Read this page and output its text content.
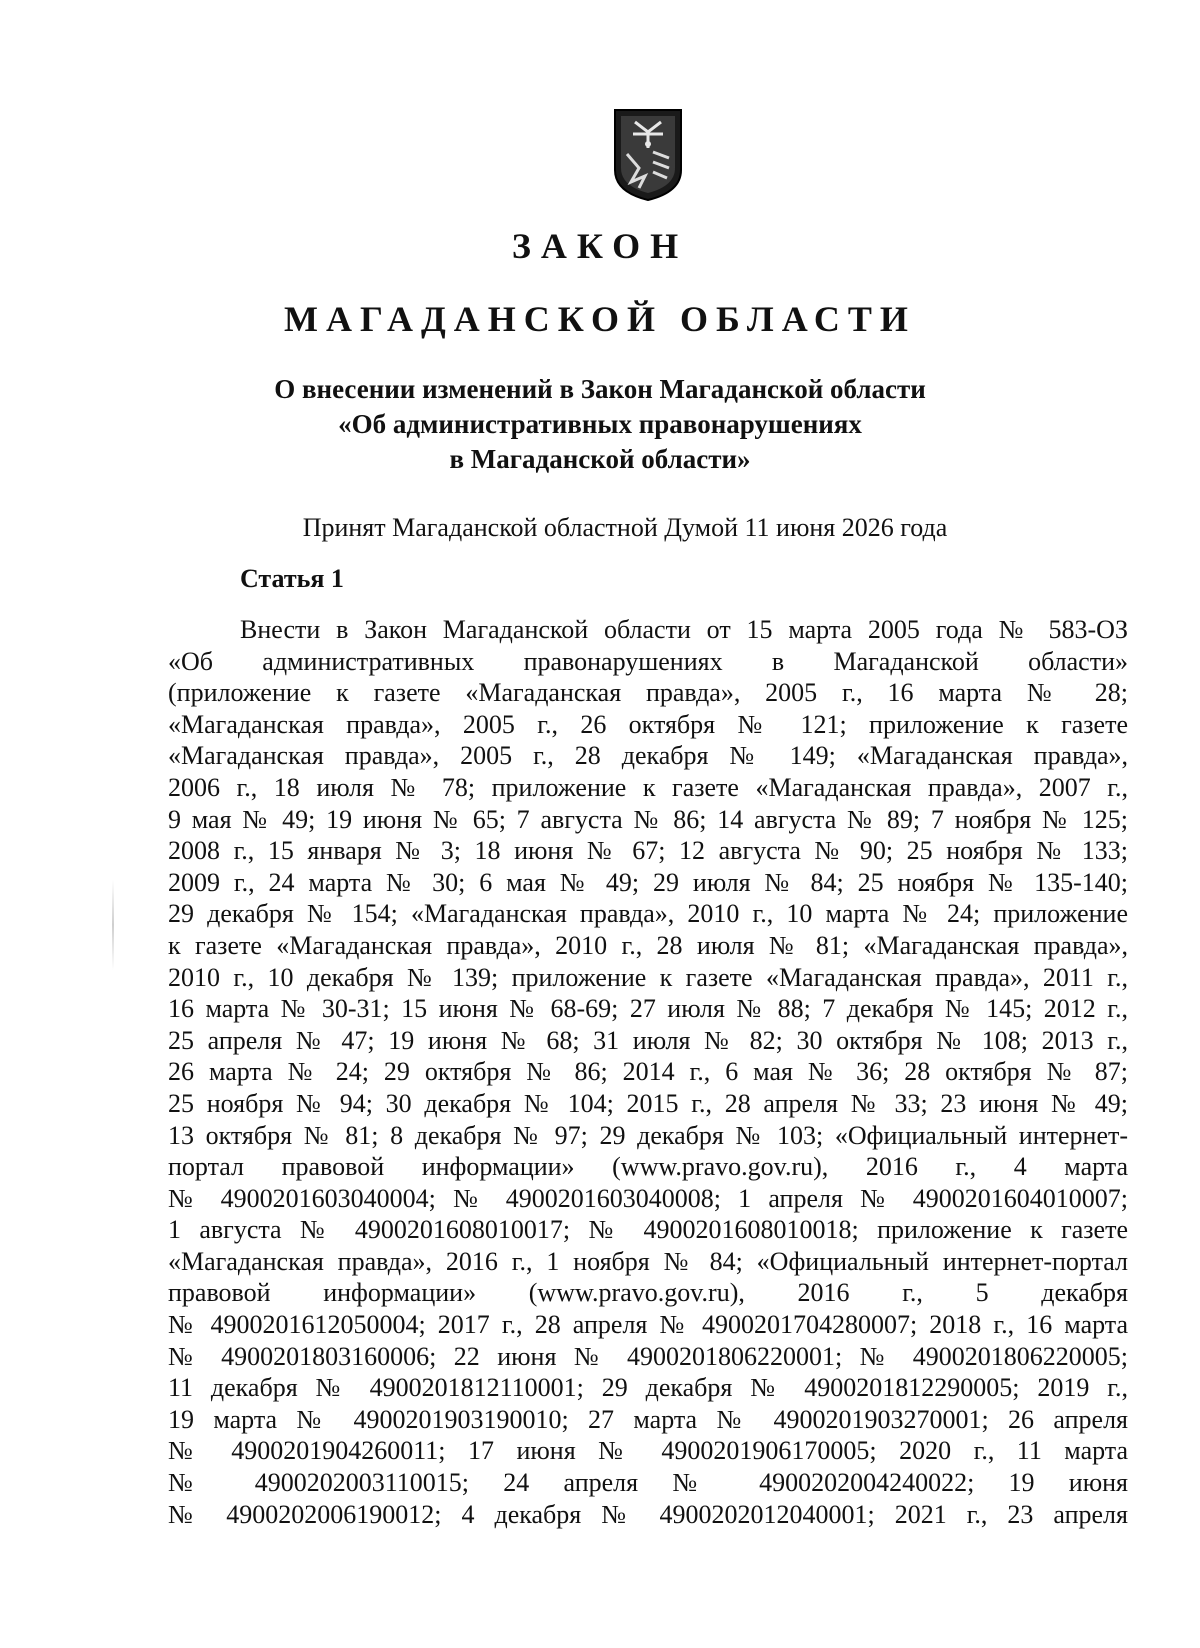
ЗАКОН
МАГАДАНСКОЙ ОБЛАСТИ
О внесении изменений в Закон Магаданской области
«Об административных правонарушениях
в Магаданской области»
Принят Магаданской областной Думой 11 июня 2026 года
Статья 1
Внести в Закон Магаданской области от 15 марта 2005 года № 583-ОЗ
«Об административных правонарушениях в Магаданской области»
(приложение к газете «Магаданская правда», 2005 г., 16 марта № 28;
«Магаданская правда», 2005 г., 26 октября № 121; приложение к газете
«Магаданская правда», 2005 г., 28 декабря № 149; «Магаданская правда»,
2006 г., 18 июля № 78; приложение к газете «Магаданская правда», 2007 г.,
9 мая № 49; 19 июня № 65; 7 августа № 86; 14 августа № 89; 7 ноября № 125;
2008 г., 15 января № 3; 18 июня № 67; 12 августа № 90; 25 ноября № 133;
2009 г., 24 марта № 30; 6 мая № 49; 29 июля № 84; 25 ноября № 135-140;
29 декабря № 154; «Магаданская правда», 2010 г., 10 марта № 24; приложение
к газете «Магаданская правда», 2010 г., 28 июля № 81; «Магаданская правда»,
2010 г., 10 декабря № 139; приложение к газете «Магаданская правда», 2011 г.,
16 марта № 30-31; 15 июня № 68-69; 27 июля № 88; 7 декабря № 145; 2012 г.,
25 апреля № 47; 19 июня № 68; 31 июля № 82; 30 октября № 108; 2013 г.,
26 марта № 24; 29 октября № 86; 2014 г., 6 мая № 36; 28 октября № 87;
25 ноября № 94; 30 декабря № 104; 2015 г., 28 апреля № 33; 23 июня № 49;
13 октября № 81; 8 декабря № 97; 29 декабря № 103; «Официальный интернет-
портал правовой информации» (www.pravo.gov.ru), 2016 г., 4 марта
№ 4900201603040004; № 4900201603040008; 1 апреля № 4900201604010007;
1 августа № 4900201608010017; № 4900201608010018; приложение к газете
«Магаданская правда», 2016 г., 1 ноября № 84; «Официальный интернет-портал
правовой информации» (www.pravo.gov.ru), 2016 г., 5 декабря
№ 4900201612050004; 2017 г., 28 апреля № 4900201704280007; 2018 г., 16 марта
№ 4900201803160006; 22 июня № 4900201806220001; № 4900201806220005;
11 декабря № 4900201812110001; 29 декабря № 4900201812290005; 2019 г.,
19 марта № 4900201903190010; 27 марта № 4900201903270001; 26 апреля
№ 4900201904260011; 17 июня № 4900201906170005; 2020 г., 11 марта
№ 4900202003110015; 24 апреля № 4900202004240022; 19 июня
№ 4900202006190012; 4 декабря № 4900202012040001; 2021 г., 23 апреля
